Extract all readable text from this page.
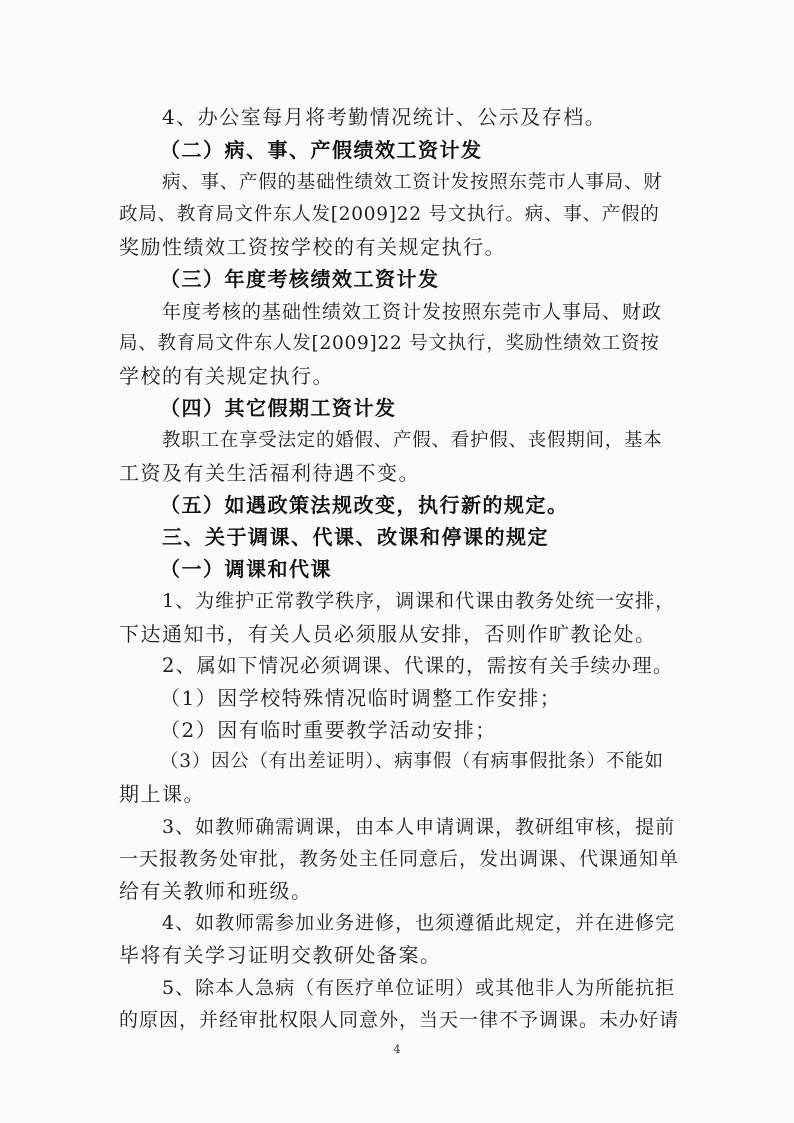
4、办公室每月将考勤情况统计、公示及存档。
（二）病、事、产假绩效工资计发
病、事、产假的基础性绩效工资计发按照东莞市人事局、财
政局、教育局文件东人发[2009]22 号文执行。病、事、产假的
奖励性绩效工资按学校的有关规定执行。
（三）年度考核绩效工资计发
年度考核的基础性绩效工资计发按照东莞市人事局、财政
局、教育局文件东人发[2009]22 号文执行，奖励性绩效工资按
学校的有关规定执行。
（四）其它假期工资计发
教职工在享受法定的婚假、产假、看护假、丧假期间，基本
工资及有关生活福利待遇不变。
（五）如遇政策法规改变，执行新的规定。
三、关于调课、代课、改课和停课的规定
（一）调课和代课
1、为维护正常教学秩序，调课和代课由教务处统一安排，
下达通知书，有关人员必须服从安排，否则作旷教论处。
2、属如下情况必须调课、代课的，需按有关手续办理。
（1）因学校特殊情况临时调整工作安排；
（2）因有临时重要教学活动安排；
（3）因公（有出差证明）、病事假（有病事假批条）不能如
期上课。
3、如教师确需调课，由本人申请调课，教研组审核，提前
一天报教务处审批，教务处主任同意后，发出调课、代课通知单
给有关教师和班级。
4、如教师需参加业务进修，也须遵循此规定，并在进修完
毕将有关学习证明交教研处备案。
5、除本人急病（有医疗单位证明）或其他非人为所能抗拒
的原因，并经审批权限人同意外，当天一律不予调课。未办好请
4
